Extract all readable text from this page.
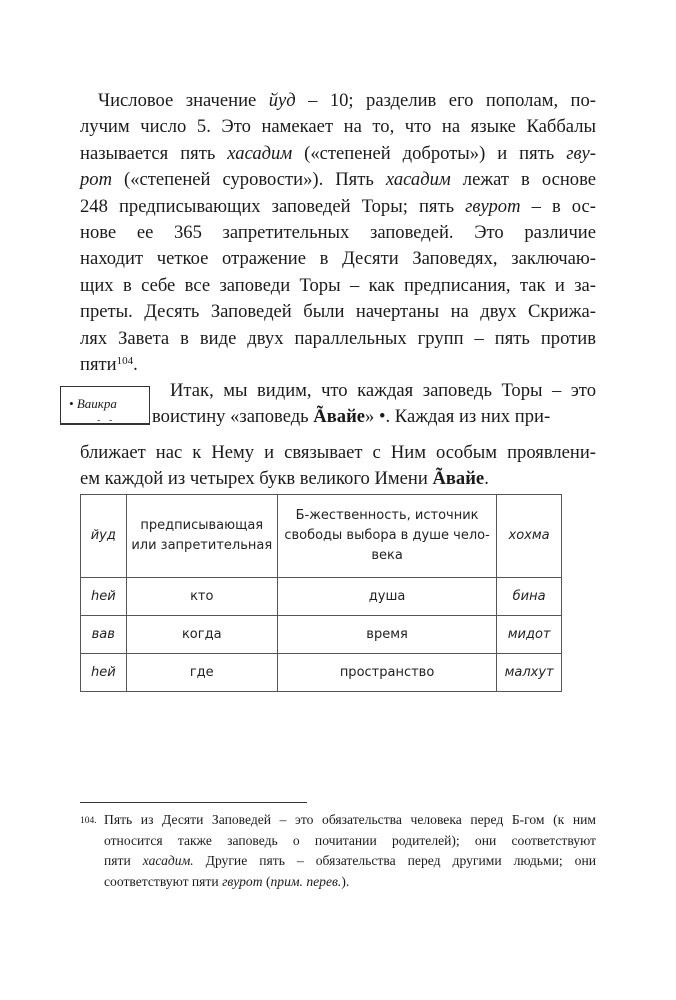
Числовое значение йуд – 10; разделив его пополам, по-
лучим число 5. Это намекает на то, что на языке Каббалы
называется пять хасадим («степеней доброты») и пять гву-
рот («степеней суровости»). Пять хасадим лежат в основе
248 предписывающих заповедей Торы; пять гвурот – в ос-
нове ее 365 запретительных заповедей. Это различие
находит четкое отражение в Десяти Заповедях, заключаю-
щих в себе все заповеди Торы – как предписания, так и за-
преты. Десять Заповедей были начертаны на двух Скрижа-
лях Завета в виде двух параллельных групп – пять против
пяти$^{104}$.
• Ваикра
- -
Итак, мы видим, что каждая заповедь Торы – это
воистину «заповедь Ãвайе» •. Каждая из них при-
ближает нас к Нему и связывает с Ним особым проявлени-
ем каждой из четырех букв великого Имени Ãвайе.
йуд	предписывающая или запретительная	Б-жественность, источник свободы выбора в душе чело-века	хохма
hей	кто	душа	бина
вав	когда	время	мидот
hей	где	пространство	малхут
104. Пять из Десяти Заповедей – это обязательства человека перед Б-гом (к ним
относится также заповедь о почитании родителей); они соответствуют
пяти хасадим. Другие пять – обязательства перед другими людьми; они
соответствуют пяти гвурот (прим. перев.).
